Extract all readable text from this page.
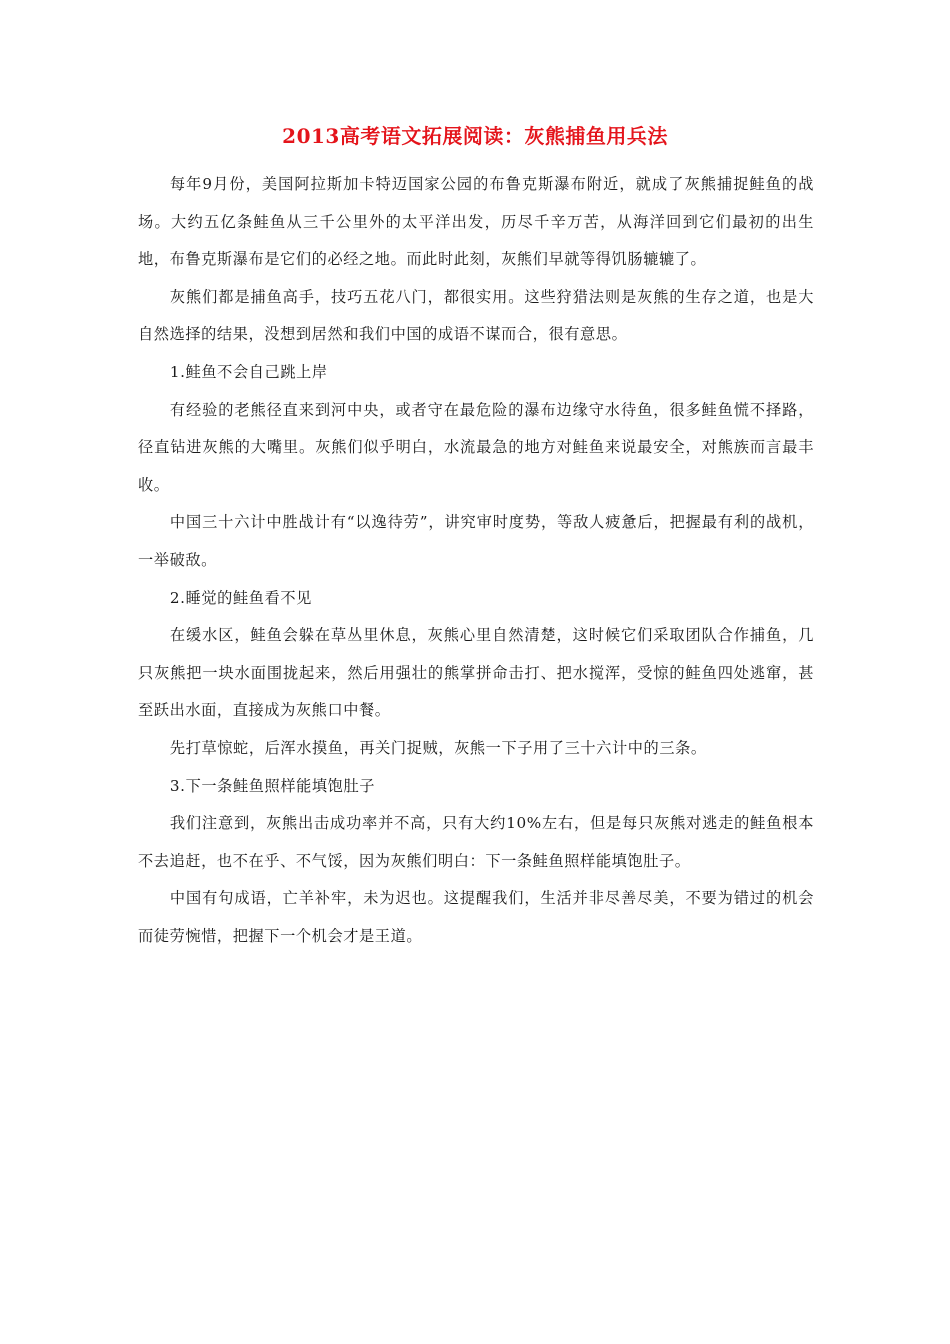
2013高考语文拓展阅读：灰熊捕鱼用兵法

每年9月份，美国阿拉斯加卡特迈国家公园的布鲁克斯瀑布附近，就成了灰熊捕捉鲑鱼的战场。大约五亿条鲑鱼从三千公里外的太平洋出发，历尽千辛万苦，从海洋回到它们最初的出生地，布鲁克斯瀑布是它们的必经之地。而此时此刻，灰熊们早就等得饥肠辘辘了。

灰熊们都是捕鱼高手，技巧五花八门，都很实用。这些狩猎法则是灰熊的生存之道，也是大自然选择的结果，没想到居然和我们中国的成语不谋而合，很有意思。

1.鲑鱼不会自己跳上岸

有经验的老熊径直来到河中央，或者守在最危险的瀑布边缘守水待鱼，很多鲑鱼慌不择路，径直钻进灰熊的大嘴里。灰熊们似乎明白，水流最急的地方对鲑鱼来说最安全，对熊族而言最丰收。

中国三十六计中胜战计有“以逸待劳”，讲究审时度势，等敌人疲惫后，把握最有利的战机，一举破敌。

2.睡觉的鲑鱼看不见

在缓水区，鲑鱼会躲在草丛里休息，灰熊心里自然清楚，这时候它们采取团队合作捕鱼，几只灰熊把一块水面围拢起来，然后用强壮的熊掌拼命击打、把水搅浑，受惊的鲑鱼四处逃窜，甚至跃出水面，直接成为灰熊口中餐。

先打草惊蛇，后浑水摸鱼，再关门捉贼，灰熊一下子用了三十六计中的三条。

3.下一条鲑鱼照样能填饱肚子

我们注意到，灰熊出击成功率并不高，只有大约10%左右，但是每只灰熊对逃走的鲑鱼根本不去追赶，也不在乎、不气馁，因为灰熊们明白：下一条鲑鱼照样能填饱肚子。

中国有句成语，亡羊补牢，未为迟也。这提醒我们，生活并非尽善尽美，不要为错过的机会而徒劳惋惜，把握下一个机会才是王道。
